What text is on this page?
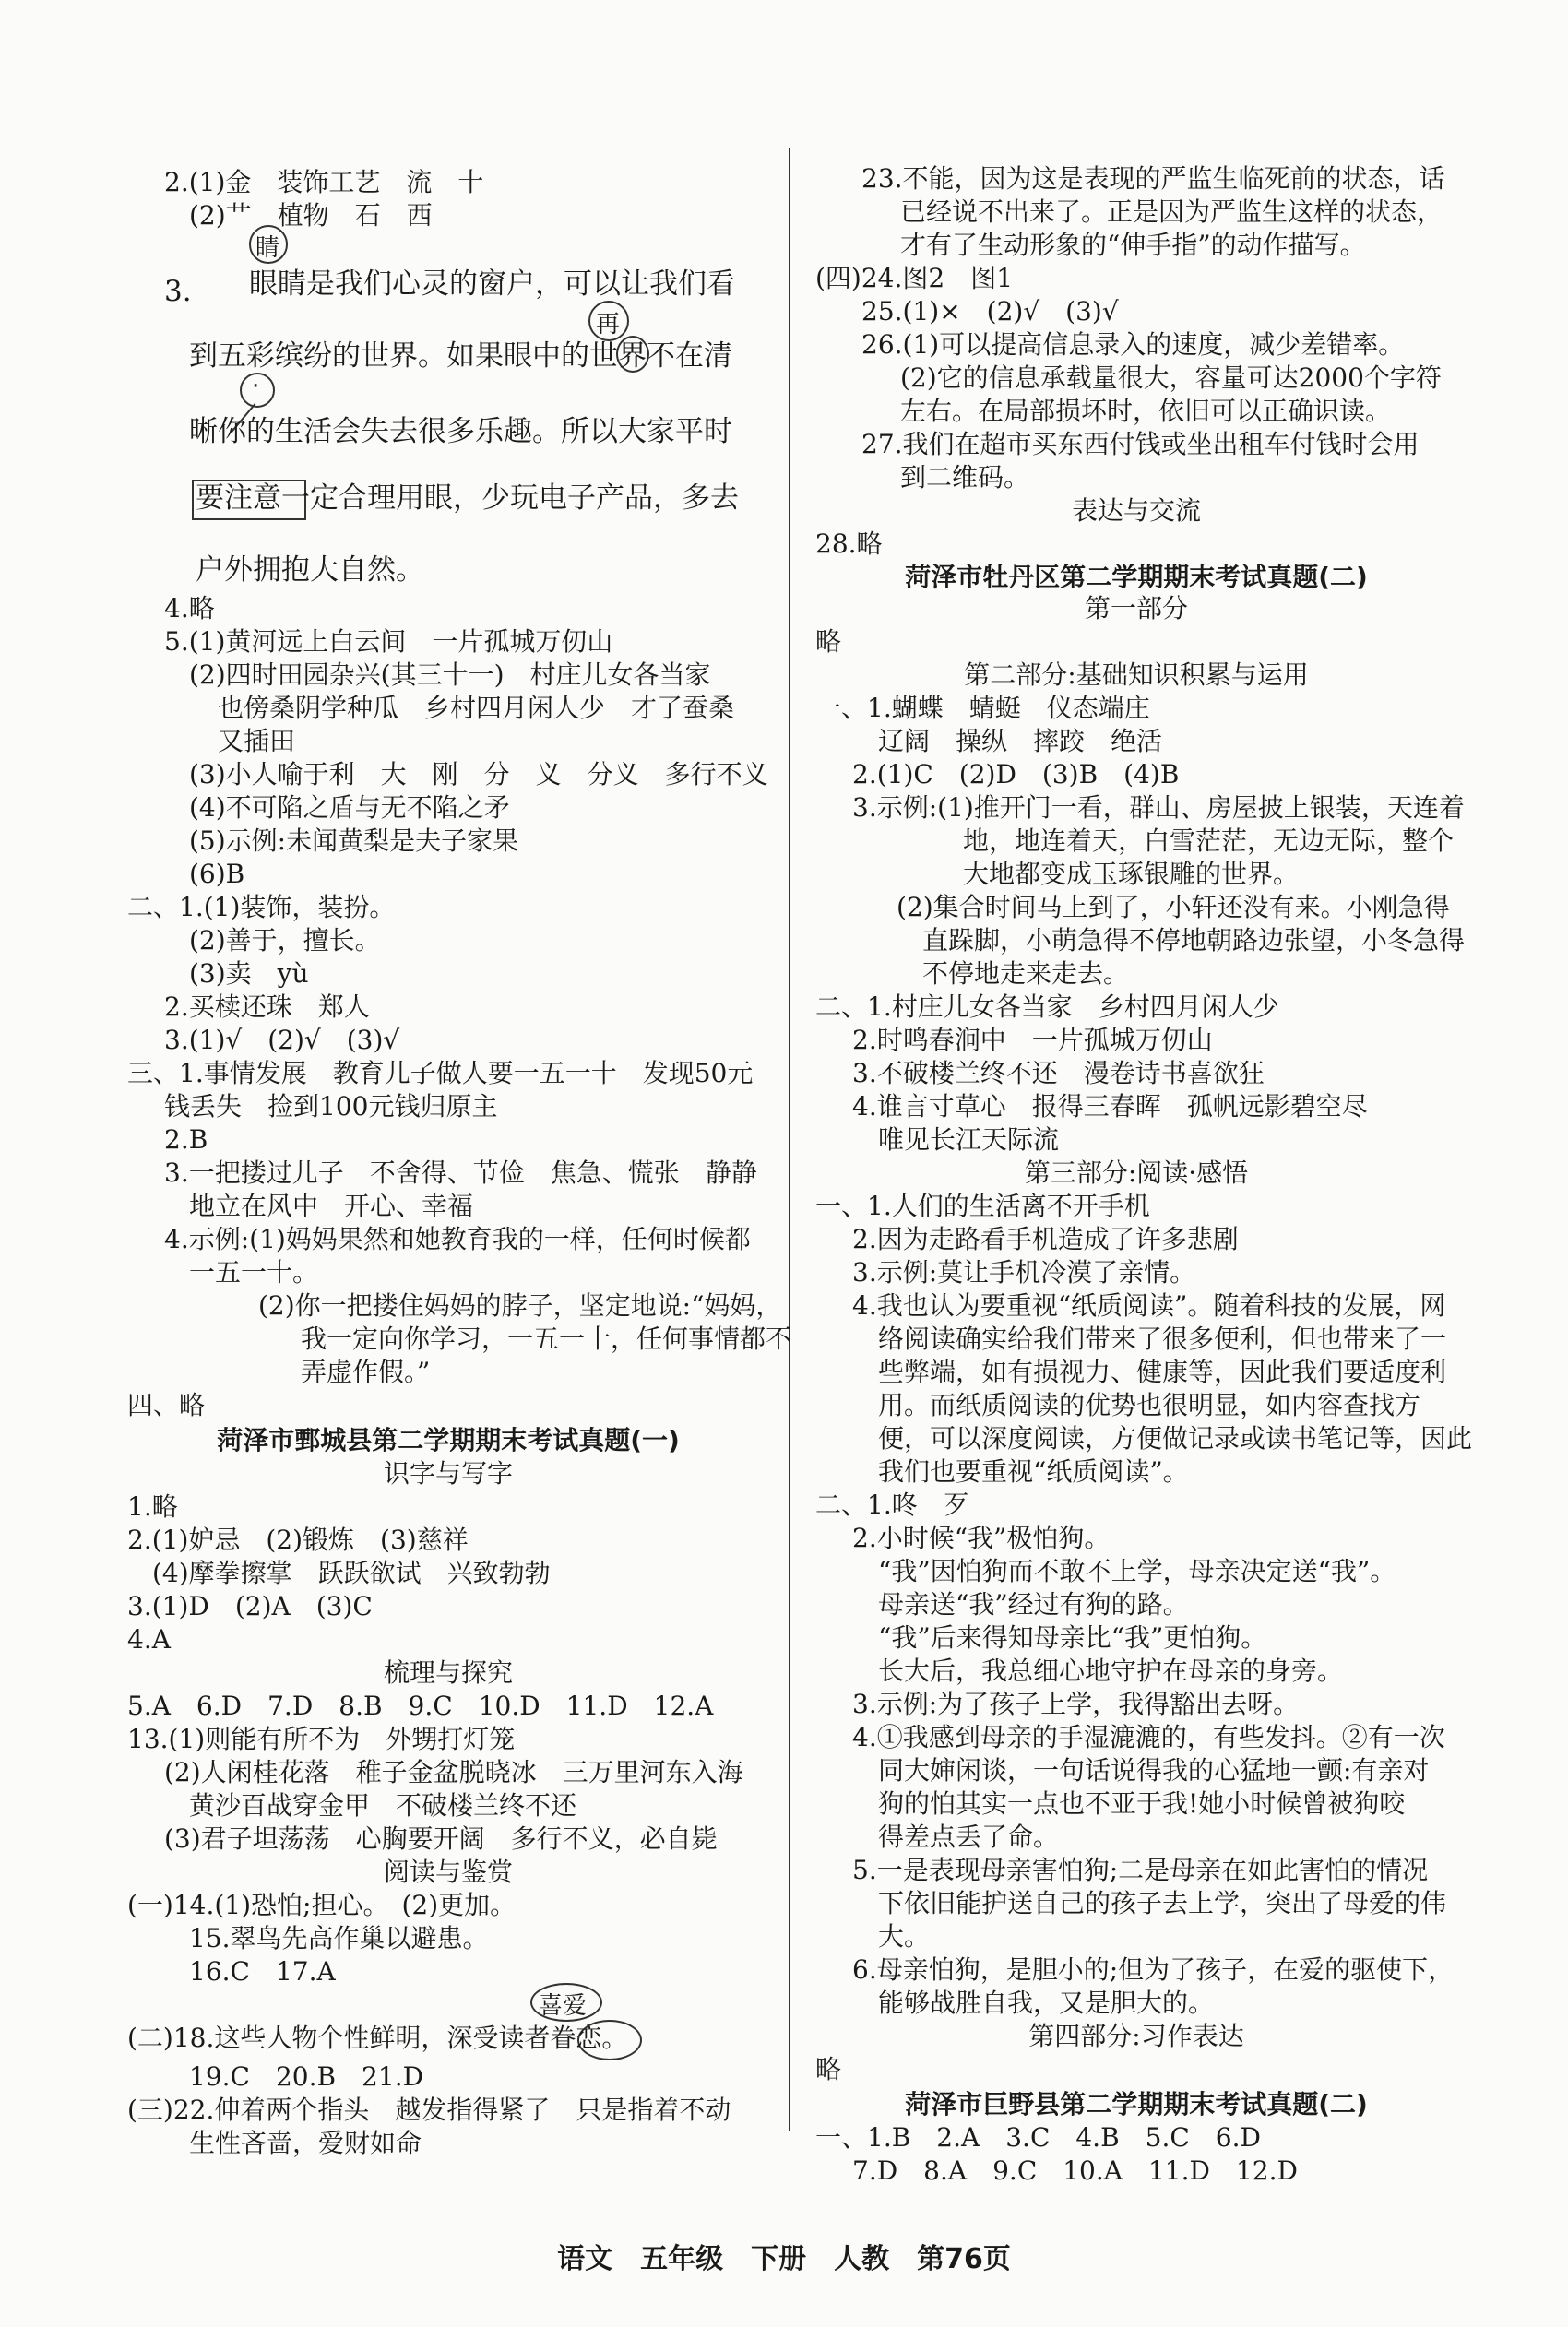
2.(1)金　装饰工艺　流　十
(2)艹　植物　石　西
睛
3. 眼睛是我们心灵的窗户，可以让我们看
再
到五彩缤纷的世界。如果眼中的世界不在清
·
晰你的生活会失去很多乐趣。所以大家平时
要注意一定合理用眼，少玩电子产品，多去
户外拥抱大自然。
4.略
5.(1)黄河远上白云间　一片孤城万仞山
(2)四时田园杂兴(其三十一)　村庄儿女各当家
也傍桑阴学种瓜　乡村四月闲人少　才了蚕桑
又插田
(3)小人喻于利　大　刚　分　义　分义　多行不义
(4)不可陷之盾与无不陷之矛
(5)示例:未闻黄梨是夫子家果
(6)B
二、1.(1)装饰，装扮。
(2)善于，擅长。
(3)卖　yù
2.买椟还珠　郑人
3.(1)√　(2)√　(3)√
三、1.事情发展　教育儿子做人要一五一十　发现50元
钱丢失　捡到100元钱归原主
2.B
3.一把搂过儿子　不舍得、节俭　焦急、慌张　静静
地立在风中　开心、幸福
4.示例:(1)妈妈果然和她教育我的一样，任何时候都
一五一十。
(2)你一把搂住妈妈的脖子，坚定地说:“妈妈，
我一定向你学习，一五一十，任何事情都不
弄虚作假。”
四、略
菏泽市鄄城县第二学期期末考试真题(一)
识字与写字
1.略
2.(1)妒忌　(2)锻炼　(3)慈祥
(4)摩拳擦掌　跃跃欲试　兴致勃勃
3.(1)D　(2)A　(3)C
4.A
梳理与探究
5.A　6.D　7.D　8.B　9.C　10.D　11.D　12.A
13.(1)则能有所不为　外甥打灯笼
(2)人闲桂花落　稚子金盆脱晓冰　三万里河东入海
黄沙百战穿金甲　不破楼兰终不还
(3)君子坦荡荡　心胸要开阔　多行不义，必自毙
阅读与鉴赏
(一)14.(1)恐怕;担心。　(2)更加。
15.翠鸟先高作巢以避患。
16.C　17.A
喜爱
(二)18.这些人物个性鲜明，深受读者眷恋。
19.C　20.B　21.D
(三)22.伸着两个指头　越发指得紧了　只是指着不动
生性吝啬，爱财如命
23.不能，因为这是表现的严监生临死前的状态，话
已经说不出来了。正是因为严监生这样的状态，
才有了生动形象的“伸手指”的动作描写。
(四)24.图2　图1
25.(1)×　(2)√　(3)√
26.(1)可以提高信息录入的速度，减少差错率。
(2)它的信息承载量很大，容量可达2000个字符
左右。在局部损坏时，依旧可以正确识读。
27.我们在超市买东西付钱或坐出租车付钱时会用
到二维码。
表达与交流
28.略
菏泽市牡丹区第二学期期末考试真题(二)
第一部分
略
第二部分:基础知识积累与运用
一、1.蝴蝶　蜻蜓　仪态端庄
辽阔　操纵　摔跤　绝活
2.(1)C　(2)D　(3)B　(4)B
3.示例:(1)推开门一看，群山、房屋披上银装，天连着
地，地连着天，白雪茫茫，无边无际，整个
大地都变成玉琢银雕的世界。
(2)集合时间马上到了，小轩还没有来。小刚急得
直跺脚，小萌急得不停地朝路边张望，小冬急得
不停地走来走去。
二、1.村庄儿女各当家　乡村四月闲人少
2.时鸣春涧中　一片孤城万仞山
3.不破楼兰终不还　漫卷诗书喜欲狂
4.谁言寸草心　报得三春晖　孤帆远影碧空尽
唯见长江天际流
第三部分:阅读·感悟
一、1.人们的生活离不开手机
2.因为走路看手机造成了许多悲剧
3.示例:莫让手机冷漠了亲情。
4.我也认为要重视“纸质阅读”。随着科技的发展，网
络阅读确实给我们带来了很多便利，但也带来了一
些弊端，如有损视力、健康等，因此我们要适度利
用。而纸质阅读的优势也很明显，如内容查找方
便，可以深度阅读，方便做记录或读书笔记等，因此
我们也要重视“纸质阅读”。
二、1.咚　歹
2.小时候“我”极怕狗。
“我”因怕狗而不敢不上学，母亲决定送“我”。
母亲送“我”经过有狗的路。
“我”后来得知母亲比“我”更怕狗。
长大后，我总细心地守护在母亲的身旁。
3.示例:为了孩子上学，我得豁出去呀。
4.①我感到母亲的手湿漉漉的，有些发抖。②有一次
同大婶闲谈，一句话说得我的心猛地一颤:有亲对
狗的怕其实一点也不亚于我!她小时候曾被狗咬
得差点丢了命。
5.一是表现母亲害怕狗;二是母亲在如此害怕的情况
下依旧能护送自己的孩子去上学，突出了母爱的伟
大。
6.母亲怕狗，是胆小的;但为了孩子，在爱的驱使下，
能够战胜自我，又是胆大的。
第四部分:习作表达
略
菏泽市巨野县第二学期期末考试真题(二)
一、1.B　2.A　3.C　4.B　5.C　6.D
7.D　8.A　9.C　10.A　11.D　12.D
语文　五年级　下册　人教　第76页
